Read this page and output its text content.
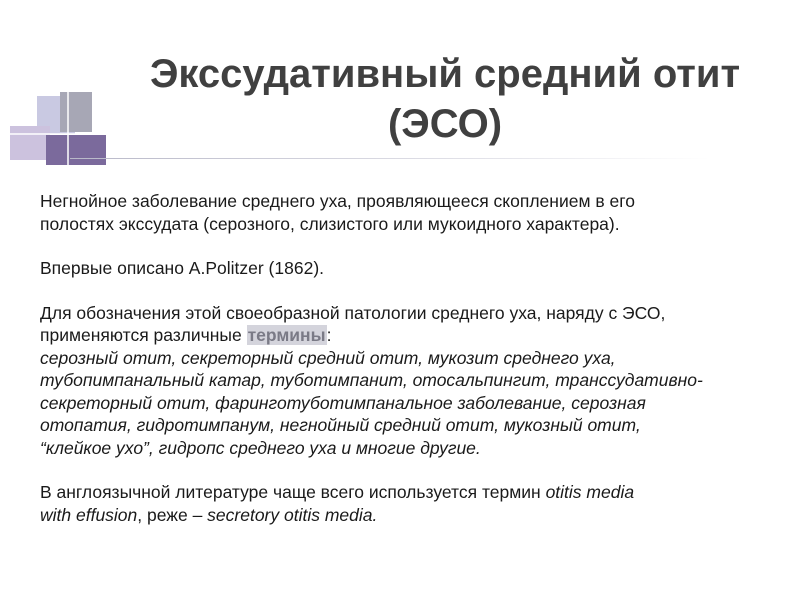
Экссудативный средний отит
(ЭСО)

Негнойное заболевание среднего уха, проявляющееся скоплением в его
полостях экссудата (серозного, слизистого или мукоидного характера).

Впервые описано A.Politzer (1862).

Для обозначения этой своеобразной патологии среднего уха, наряду с ЭСО,
применяются различные термины:
серозный отит, секреторный средний отит, мукозит среднего уха,
тубопимпанальный катар, туботимпанит, отосальпингит, транссудативно-
секреторный отит, фаринготуботимпанальное заболевание, серозная
отопатия, гидротимпанум, негнойный средний отит, мукозный отит,
“клейкое ухо”, гидропс среднего уха и многие другие.

В англоязычной литературе чаще всего используется термин otitis media
with effusion, реже – secretory otitis media.
